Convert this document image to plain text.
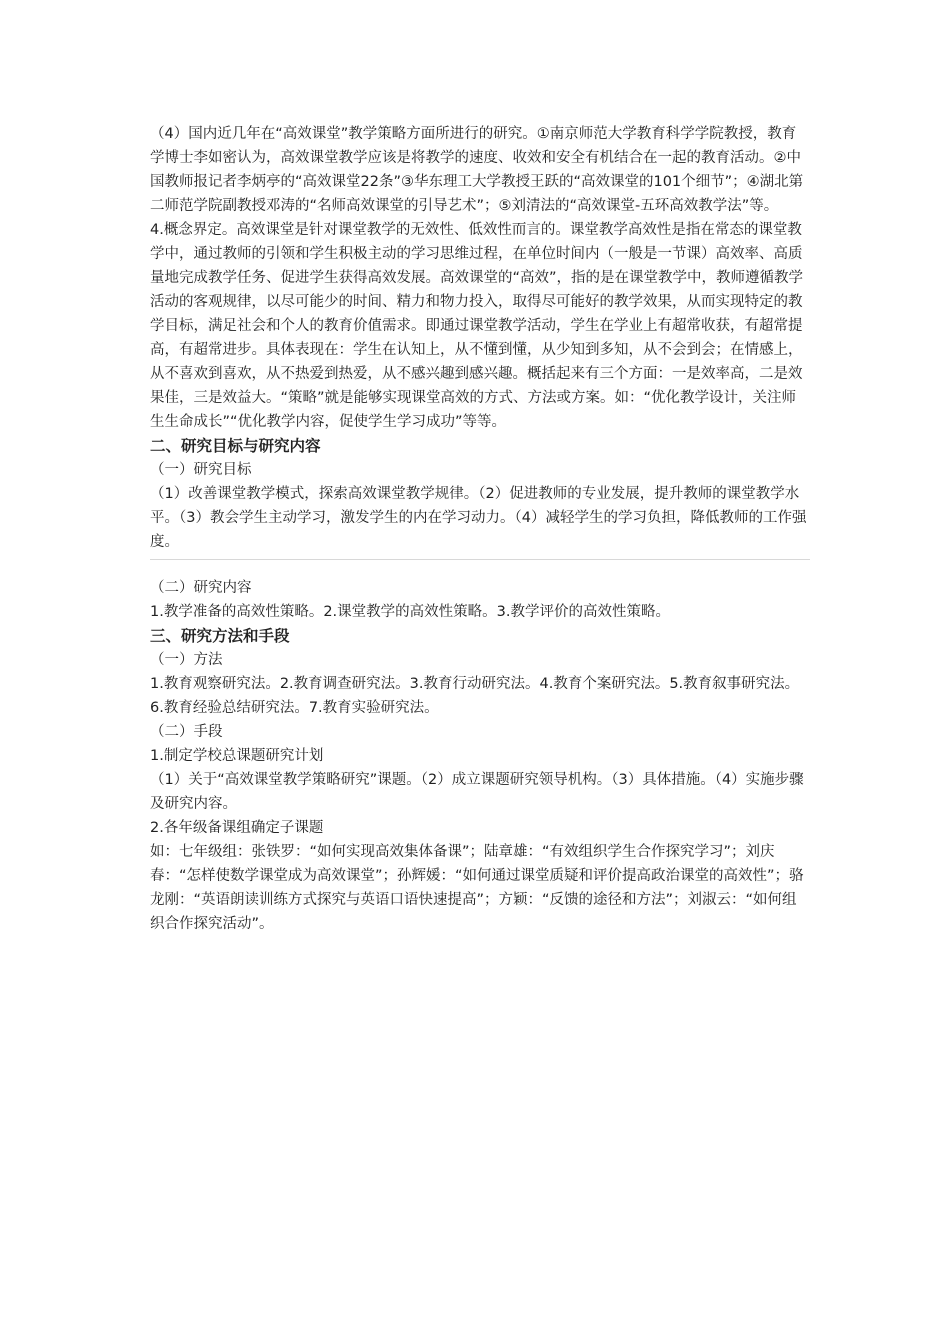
（4）国内近几年在“高效课堂”教学策略方面所进行的研究。①南京师范大学教育科学学院教授，教育学博士李如密认为，高效课堂教学应该是将教学的速度、收效和安全有机结合在一起的教育活动。②中国教师报记者李炳亭的“高效课堂22条”③华东理工大学教授王跃的“高效课堂的101个细节”；④湖北第二师范学院副教授邓涛的“名师高效课堂的引导艺术”；⑤刘清法的“高效课堂-五环高效教学法”等。

4.概念界定。高效课堂是针对课堂教学的无效性、低效性而言的。课堂教学高效性是指在常态的课堂教学中，通过教师的引领和学生积极主动的学习思维过程，在单位时间内（一般是一节课）高效率、高质量地完成教学任务、促进学生获得高效发展。高效课堂的“高效”，指的是在课堂教学中，教师遵循教学活动的客观规律，以尽可能少的时间、精力和物力投入，取得尽可能好的教学效果，从而实现特定的教学目标，满足社会和个人的教育价值需求。即通过课堂教学活动，学生在学业上有超常收获，有超常提高，有超常进步。具体表现在：学生在认知上，从不懂到懂，从少知到多知，从不会到会；在情感上，从不喜欢到喜欢，从不热爱到热爱，从不感兴趣到感兴趣。概括起来有三个方面：一是效率高，二是效果佳，三是效益大。“策略”就是能够实现课堂高效的方式、方法或方案。如：“优化教学设计，关注师生生命成长”“优化教学内容，促使学生学习成功”等等。

二、研究目标与研究内容

（一）研究目标

（1）改善课堂教学模式，探索高效课堂教学规律。（2）促进教师的专业发展，提升教师的课堂教学水平。（3）教会学生主动学习，激发学生的内在学习动力。（4）减轻学生的学习负担，降低教师的工作强度。

（二）研究内容

1.教学准备的高效性策略。2.课堂教学的高效性策略。3.教学评价的高效性策略。

三、研究方法和手段

（一）方法

1.教育观察研究法。2.教育调查研究法。3.教育行动研究法。4.教育个案研究法。5.教育叙事研究法。6.教育经验总结研究法。7.教育实验研究法。

（二）手段

1.制定学校总课题研究计划

（1）关于“高效课堂教学策略研究”课题。（2）成立课题研究领导机构。（3）具体措施。（4）实施步骤及研究内容。

2.各年级备课组确定子课题

如：七年级组：张铁罗：“如何实现高效集体备课”；陆章雄：“有效组织学生合作探究学习”；刘庆春：“怎样使数学课堂成为高效课堂”；孙辉媛：“如何通过课堂质疑和评价提高政治课堂的高效性”；骆龙刚：“英语朗读训练方式探究与英语口语快速提高”；方颖：“反馈的途径和方法”；刘淑云：“如何组织合作探究活动”。
